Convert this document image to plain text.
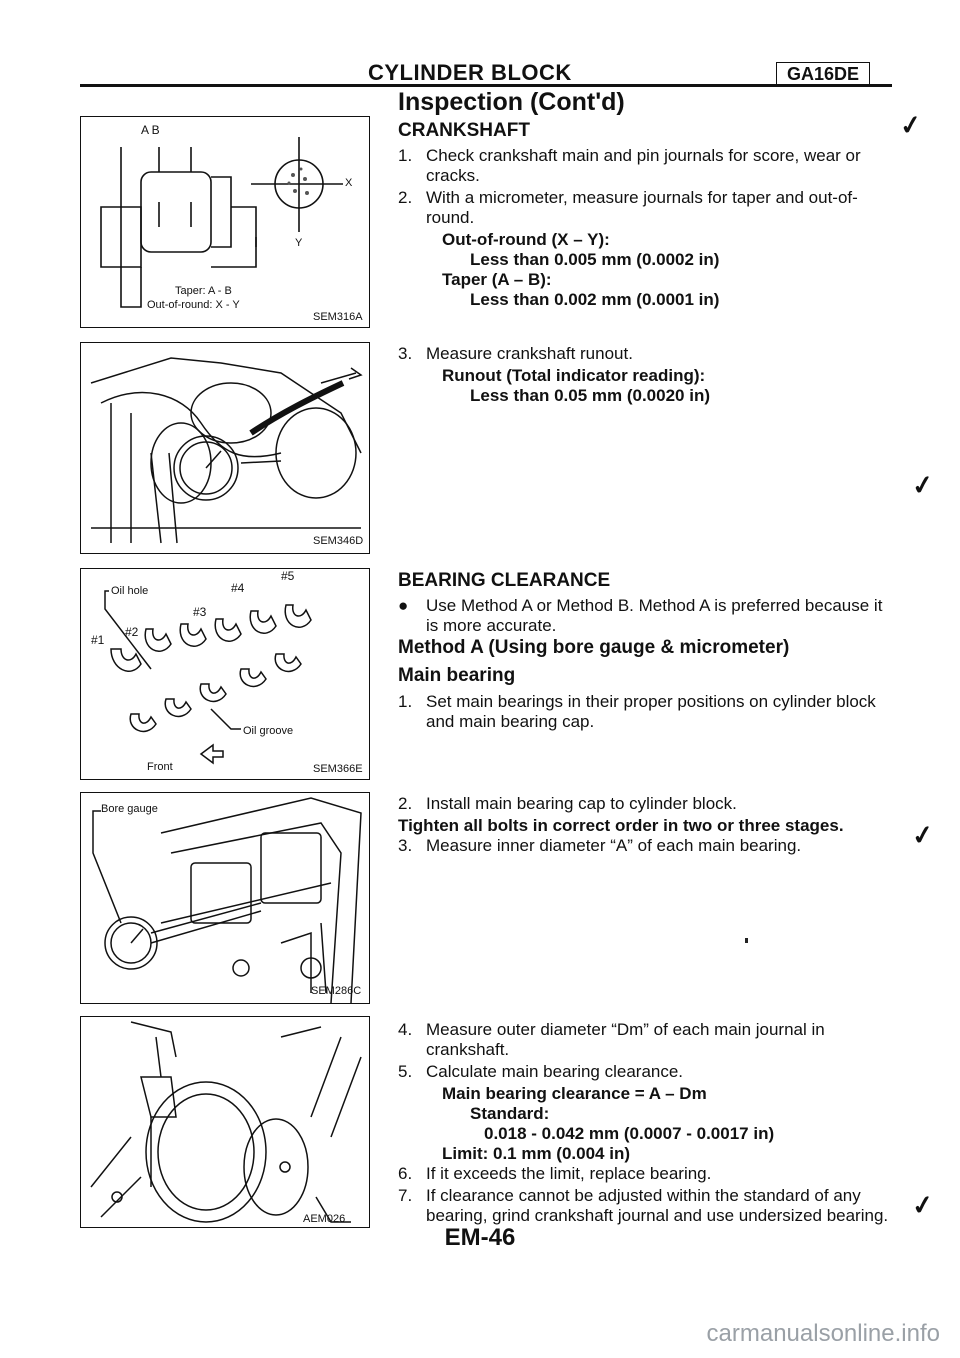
CYLINDER BLOCK	GA16DE
Inspection (Cont'd)
CRANKSHAFT
A B
X
Y
Taper: A - B
Out-of-round: X - Y
SEM316A
SEM346D
Oil hole
#1
#2
#3
#4
#5
Oil groove
Front	SEM366E
Bore gauge
SEM286C
AEM026
1. Check crankshaft main and pin journals for score, wear or cracks.
2. With a micrometer, measure journals for taper and out-of-round.
Out-of-round (X – Y):
Less than 0.005 mm (0.0002 in)
Taper (A – B):
Less than 0.002 mm (0.0001 in)
3. Measure crankshaft runout.
Runout (Total indicator reading):
Less than 0.05 mm (0.0020 in)
BEARING CLEARANCE
● Use Method A or Method B. Method A is preferred because it is more accurate.
Method A (Using bore gauge & micrometer)
Main bearing
1. Set main bearings in their proper positions on cylinder block and main bearing cap.
2. Install main bearing cap to cylinder block.
Tighten all bolts in correct order in two or three stages.
3. Measure inner diameter “A” of each main bearing.
4. Measure outer diameter “Dm” of each main journal in crankshaft.
5. Calculate main bearing clearance.
Main bearing clearance = A – Dm
Standard:
0.018 - 0.042 mm (0.0007 - 0.0017 in)
Limit: 0.1 mm (0.004 in)
6. If it exceeds the limit, replace bearing.
7. If clearance cannot be adjusted within the standard of any bearing, grind crankshaft journal and use undersized bearing.
✓
✓
✓
✓
EM-46
carmanualsonline.info
